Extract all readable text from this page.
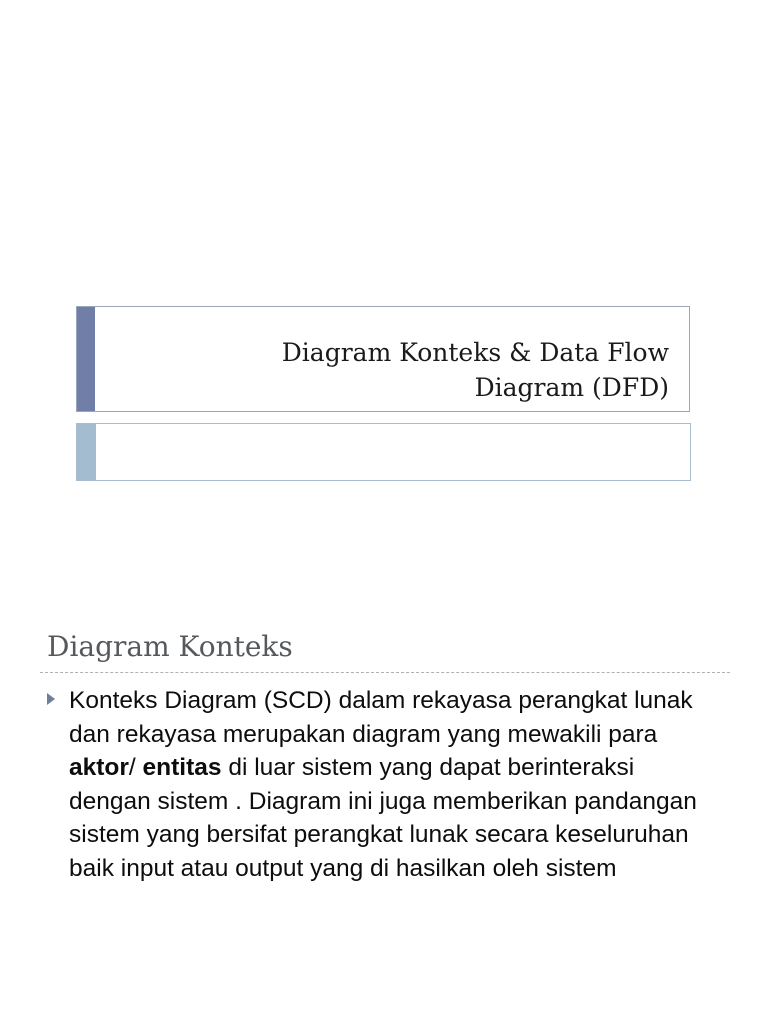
Diagram Konteks & Data Flow
Diagram (DFD)
Diagram Konteks
Konteks Diagram (SCD) dalam rekayasa perangkat lunak dan rekayasa merupakan diagram yang mewakili para aktor/ entitas di luar sistem yang dapat berinteraksi dengan sistem . Diagram ini juga memberikan pandangan sistem yang bersifat perangkat lunak secara keseluruhan baik input atau output yang di hasilkan oleh sistem
